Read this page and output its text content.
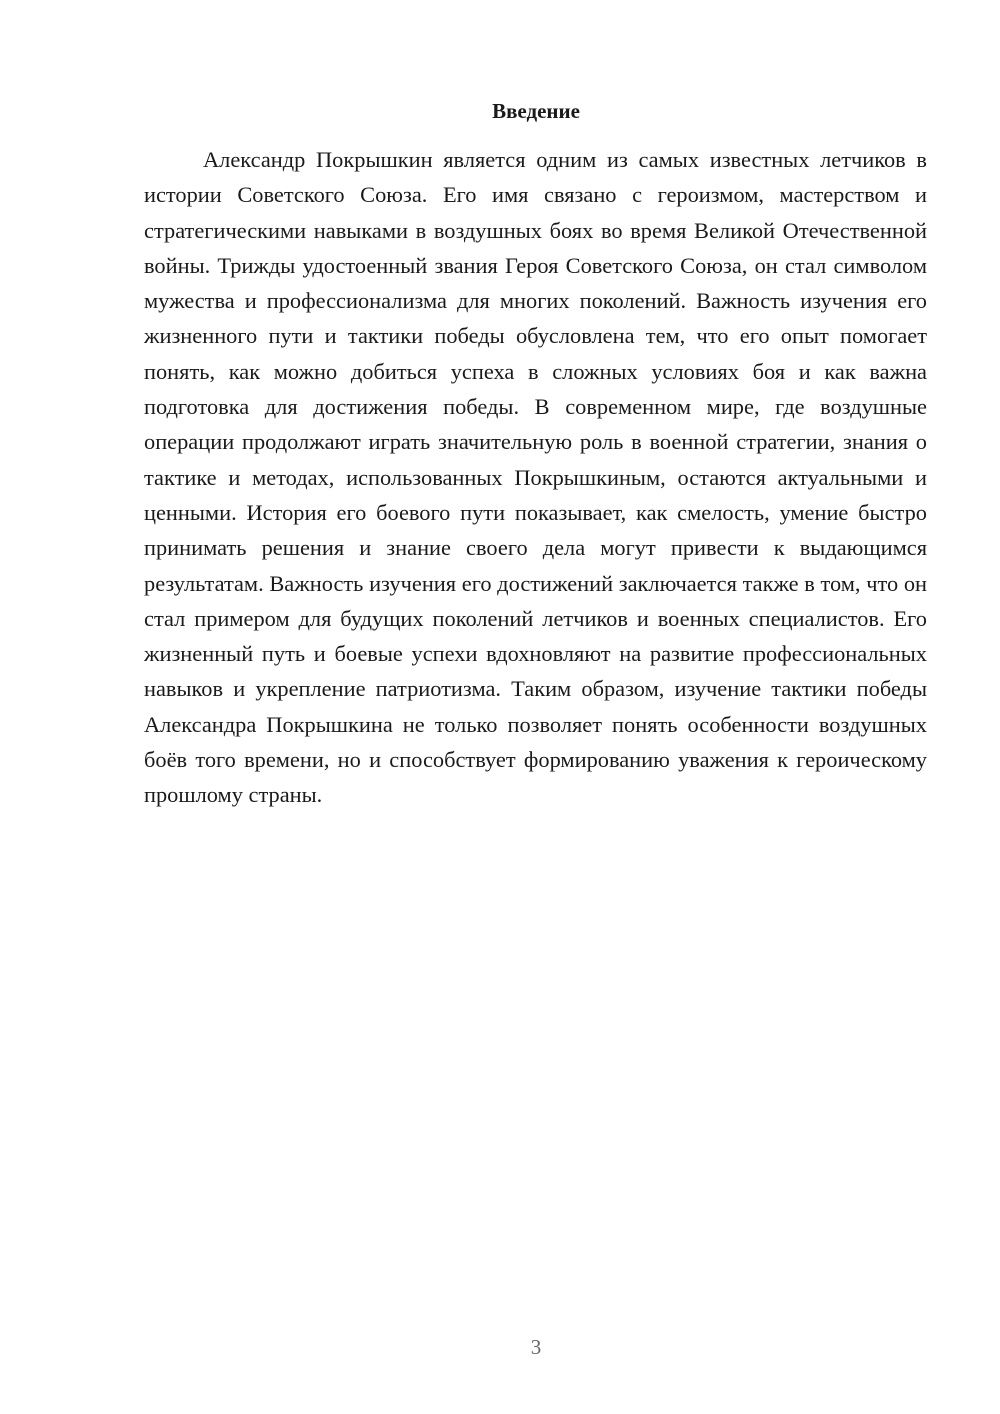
Введение

Александр Покрышкин является одним из самых известных летчиков в истории Советского Союза. Его имя связано с героизмом, мастерством и стратегическими навыками в воздушных боях во время Великой Отечественной войны. Трижды удостоенный звания Героя Советского Союза, он стал символом мужества и профессионализма для многих поколений. Важность изучения его жизненного пути и тактики победы обусловлена тем, что его опыт помогает понять, как можно добиться успеха в сложных условиях боя и как важна подготовка для достижения победы. В современном мире, где воздушные операции продолжают играть значительную роль в военной стратегии, знания о тактике и методах, использованных Покрышкиным, остаются актуальными и ценными. История его боевого пути показывает, как смелость, умение быстро принимать решения и знание своего дела могут привести к выдающимся результатам. Важность изучения его достижений заключается также в том, что он стал примером для будущих поколений летчиков и военных специалистов. Его жизненный путь и боевые успехи вдохновляют на развитие профессиональных навыков и укрепление патриотизма. Таким образом, изучение тактики победы Александра Покрышкина не только позволяет понять особенности воздушных боёв того времени, но и способствует формированию уважения к героическому прошлому страны.

3
